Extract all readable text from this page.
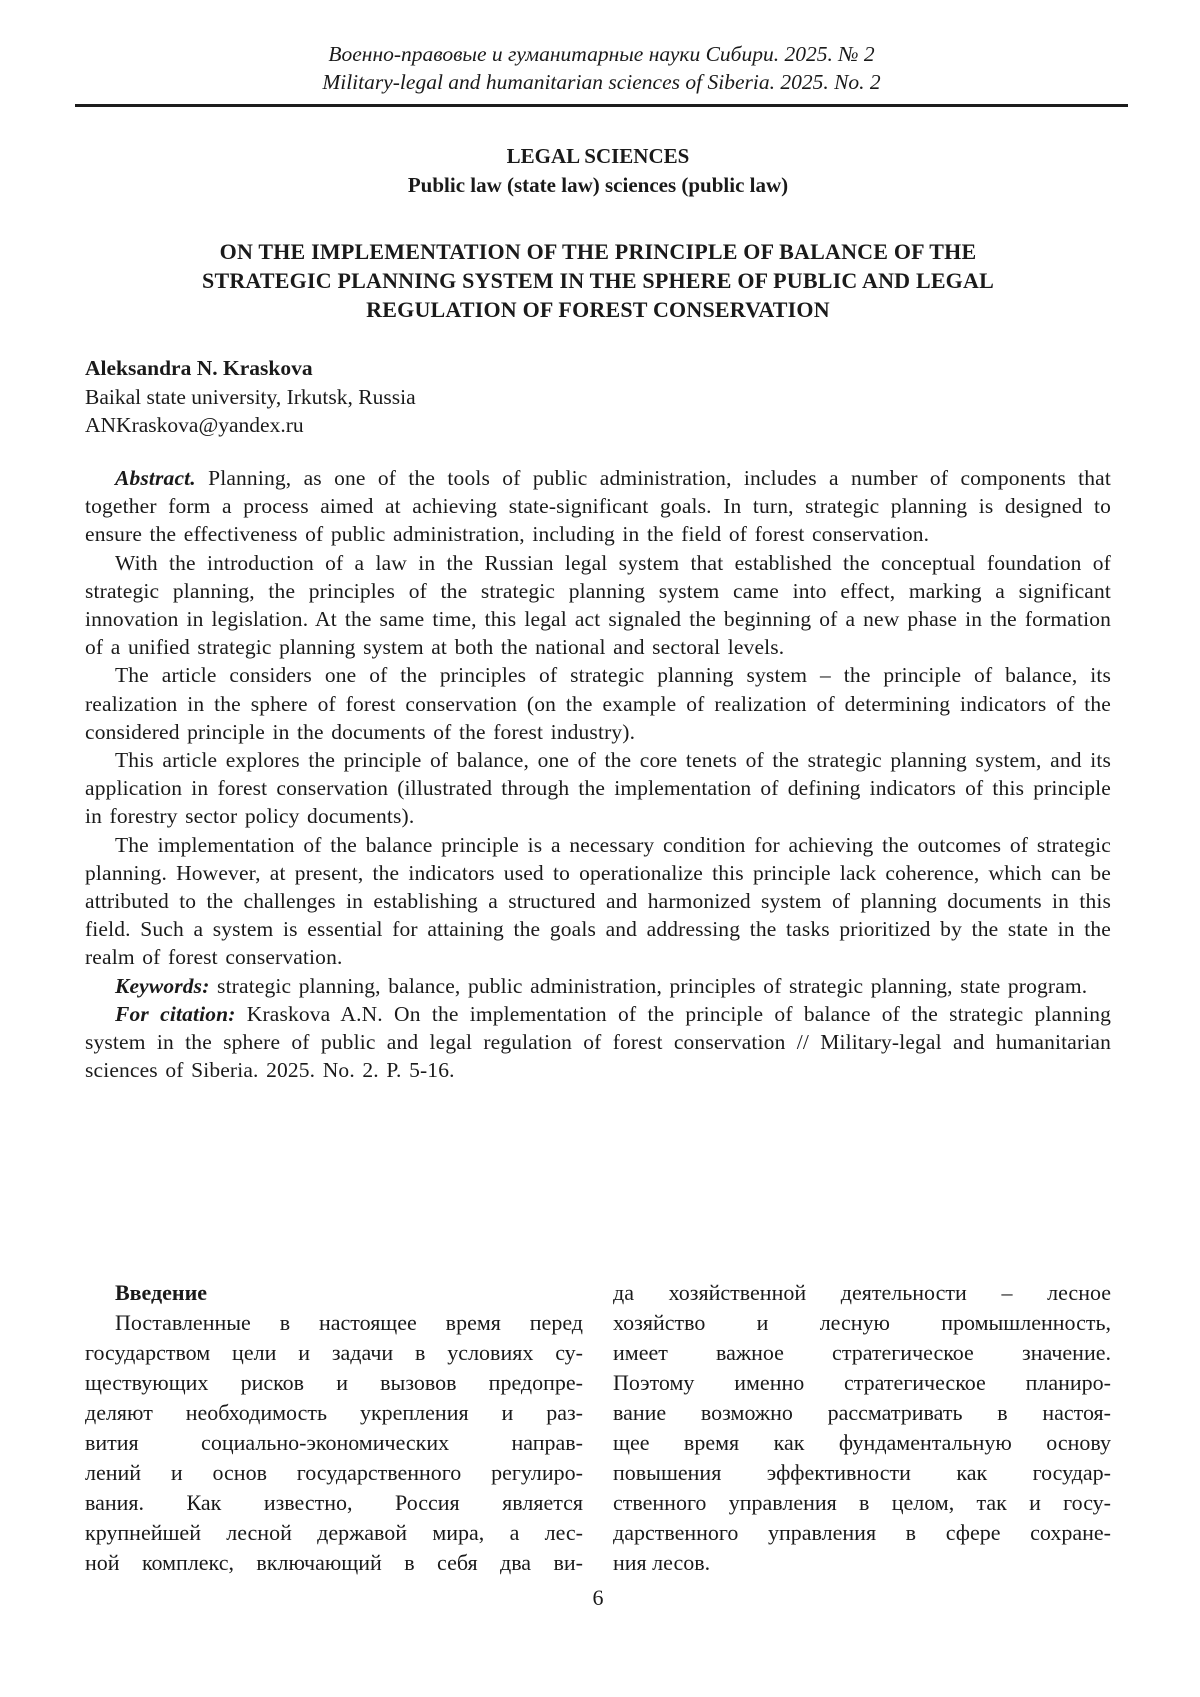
Военно-правовые и гуманитарные науки Сибири. 2025. № 2
Military-legal and humanitarian sciences of Siberia. 2025. No. 2
LEGAL SCIENCES
Public law (state law) sciences (public law)
ON THE IMPLEMENTATION OF THE PRINCIPLE OF BALANCE OF THE
STRATEGIC PLANNING SYSTEM IN THE SPHERE OF PUBLIC AND LEGAL
REGULATION OF FOREST CONSERVATION
Aleksandra N. Kraskova
Baikal state university, Irkutsk, Russia
ANKraskova@yandex.ru

Abstract. Planning, as one of the tools of public administration, includes a number of components that together form a process aimed at achieving state-significant goals. In turn, strategic planning is designed to ensure the effectiveness of public administration, including in the field of forest conservation.

With the introduction of a law in the Russian legal system that established the conceptual foundation of strategic planning, the principles of the strategic planning system came into effect, marking a significant innovation in legislation. At the same time, this legal act signaled the beginning of a new phase in the formation of a unified strategic planning system at both the national and sectoral levels.

The article considers one of the principles of strategic planning system – the principle of balance, its realization in the sphere of forest conservation (on the example of realization of determining indicators of the considered principle in the documents of the forest industry).

This article explores the principle of balance, one of the core tenets of the strategic planning system, and its application in forest conservation (illustrated through the implementation of defining indicators of this principle in forestry sector policy documents).

The implementation of the balance principle is a necessary condition for achieving the outcomes of strategic planning. However, at present, the indicators used to operationalize this principle lack coherence, which can be attributed to the challenges in establishing a structured and harmonized system of planning documents in this field. Such a system is essential for attaining the goals and addressing the tasks prioritized by the state in the realm of forest conservation.

Keywords: strategic planning, balance, public administration, principles of strategic planning, state program.

For citation: Kraskova A.N. On the implementation of the principle of balance of the strategic planning system in the sphere of public and legal regulation of forest conservation // Military-legal and humanitarian sciences of Siberia. 2025. No. 2. P. 5-16.

Введение
Поставленные в настоящее время перед
государством цели и задачи в условиях су-
ществующих рисков и вызовов предопре-
деляют необходимость укрепления и раз-
вития социально-экономических направ-
лений и основ государственного регулиро-
вания. Как известно, Россия является
крупнейшей лесной державой мира, а лес-
ной комплекс, включающий в себя два ви-
да хозяйственной деятельности – лесное
хозяйство и лесную промышленность,
имеет важное стратегическое значение.
Поэтому именно стратегическое планиро-
вание возможно рассматривать в настоя-
щее время как фундаментальную основу
повышения эффективности как государ-
ственного управления в целом, так и госу-
дарственного управления в сфере сохране-
ния лесов.
6
